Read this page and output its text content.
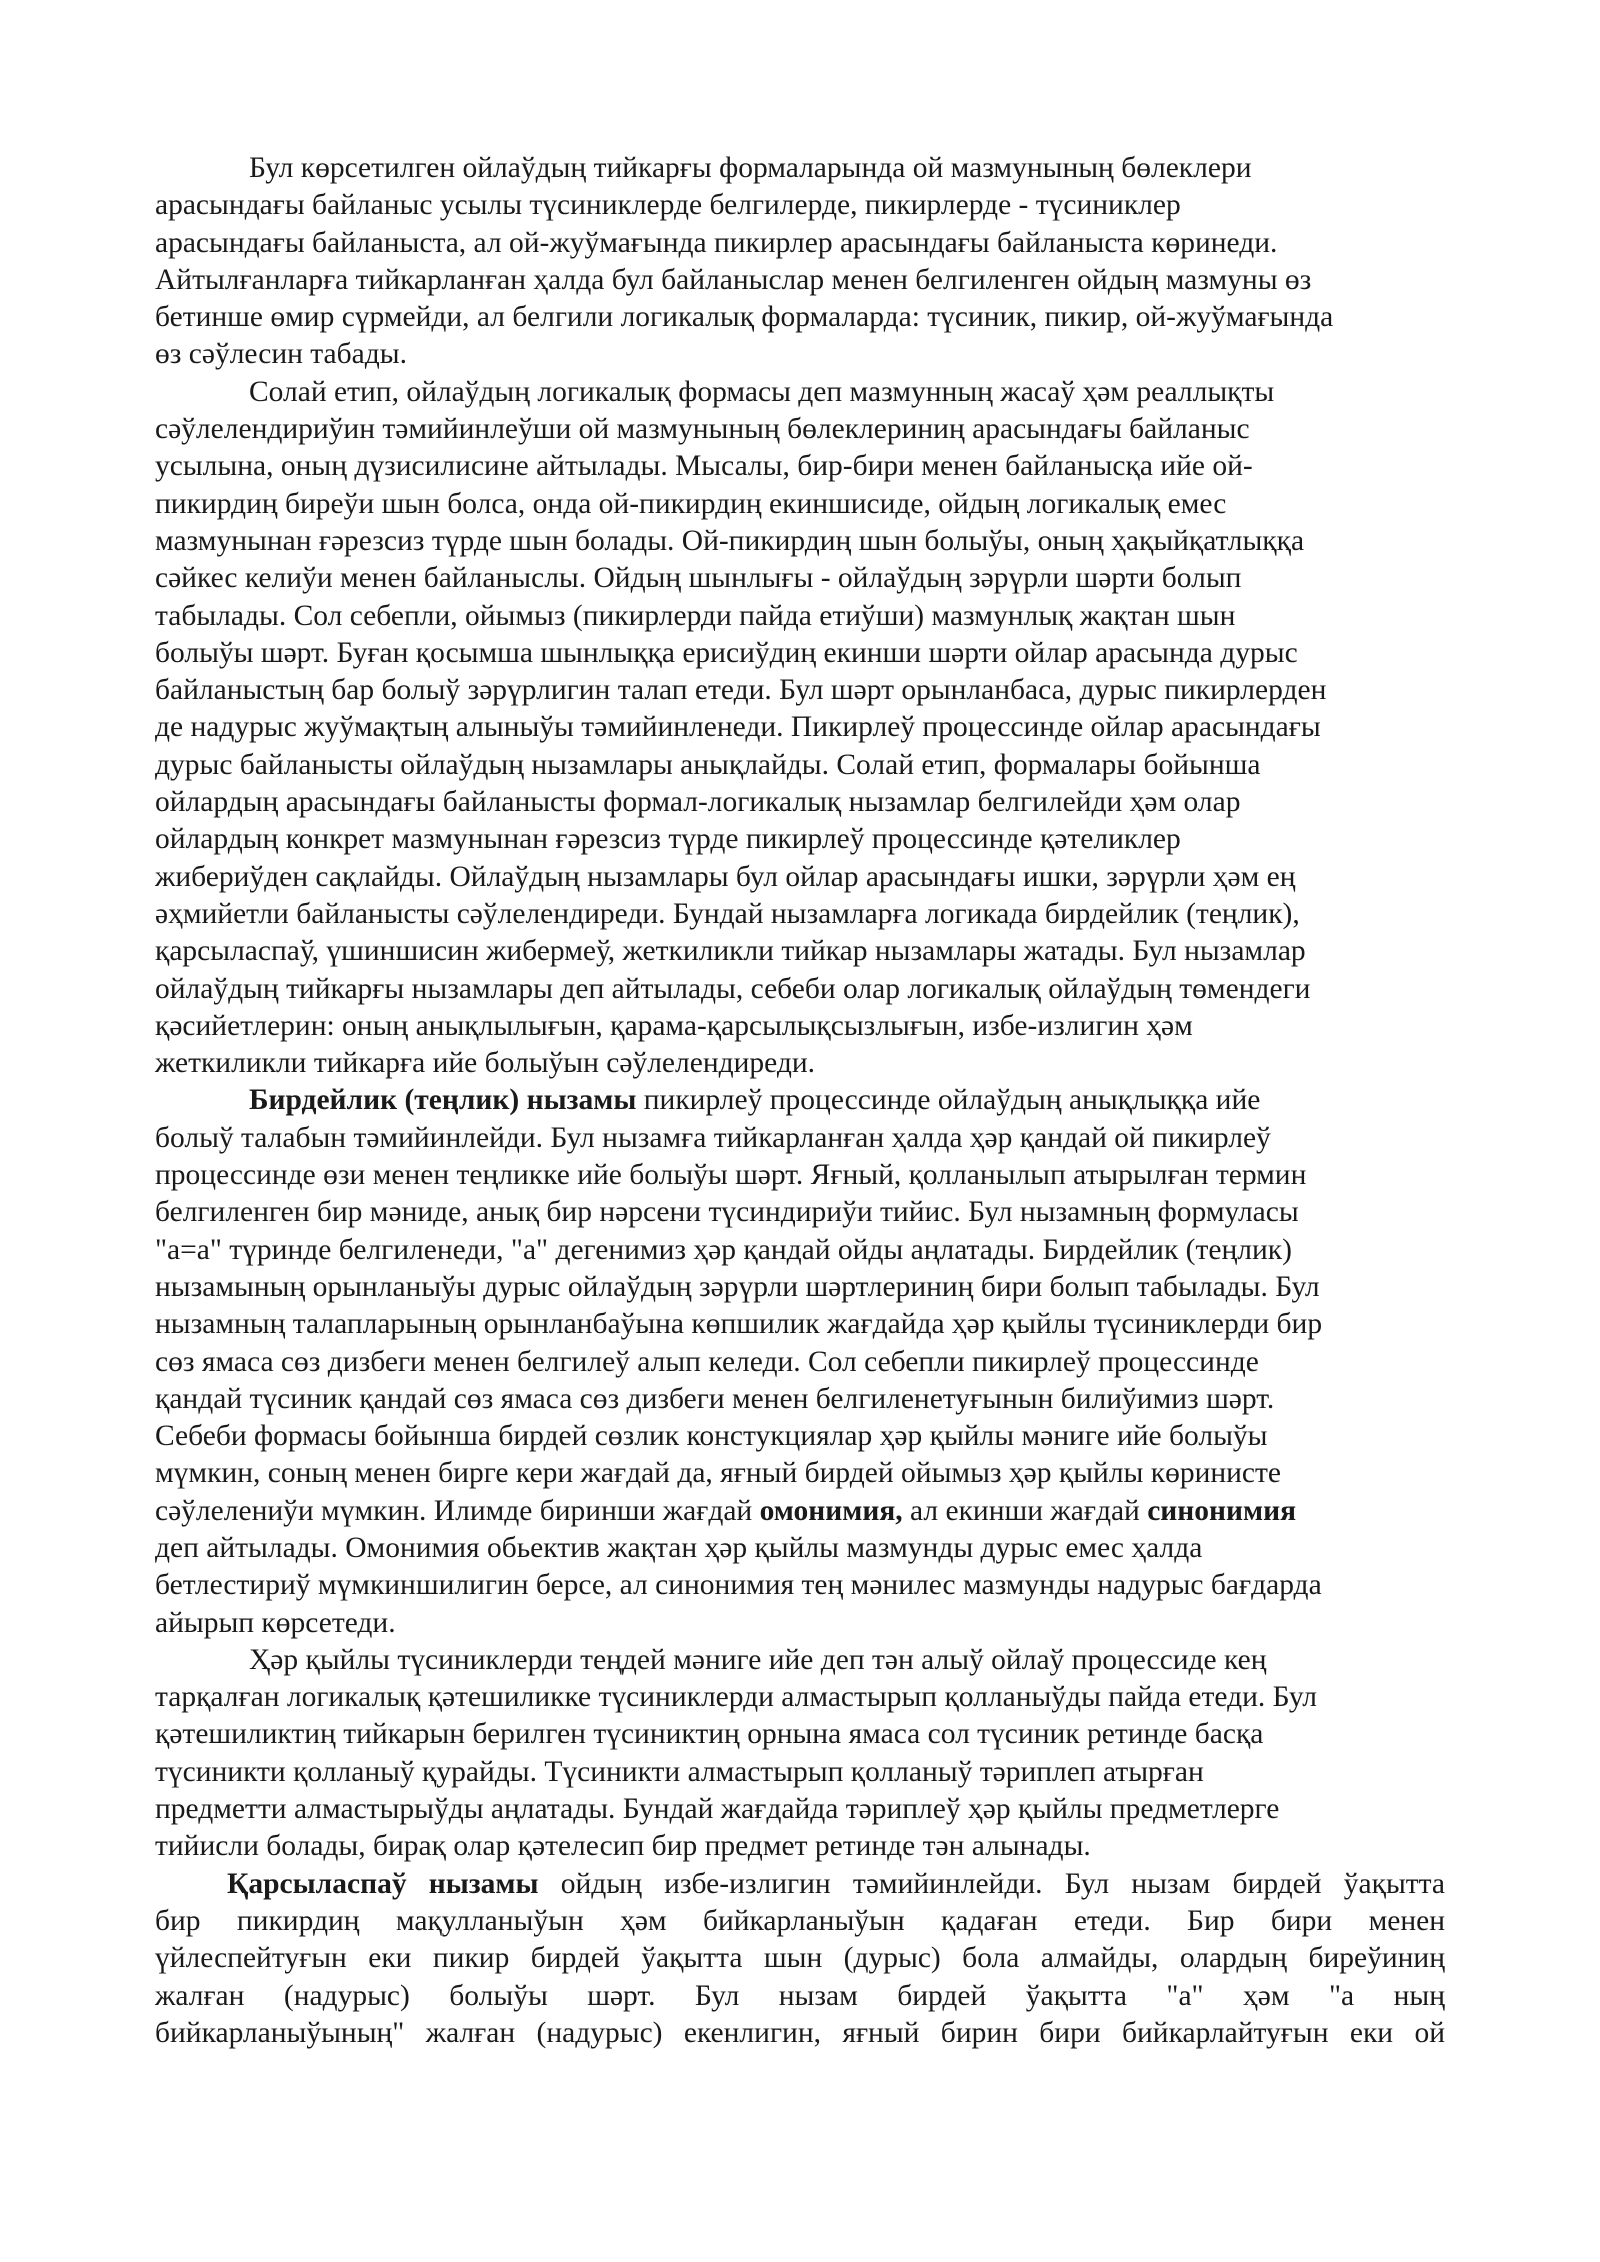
Бул көрсетилген ойлаўдың тийкарғы формаларында ой мазмунының бөлеклери
арасындағы байланыс усылы түсиниклерде белгилерде, пикирлерде - түсиниклер
арасындағы байланыста, ал ой-жуўмағында пикирлер арасындағы байланыста көринеди.
Айтылғанларға тийкарланған ҳалда бул байланыслар менен белгиленген ойдың мазмуны өз
бетинше өмир сүрмейди, ал белгили логикалық формаларда: түсиник, пикир, ой-жуўмағында
өз сәўлесин табады.

Солай етип, ойлаўдың логикалық формасы деп мазмунның жасаў ҳәм реаллықты
сәўлелендириўин тәмийинлеўши ой мазмунының бөлеклериниң арасындағы байланыс
усылына, оның дүзисилисине айтылады. Мысалы, бир-бири менен байланысқа ийе ой-
пикирдиң биреўи шын болса, онда ой-пикирдиң екиншисиде, ойдың логикалық емес
мазмунынан ғәрезсиз түрде шын болады. Ой-пикирдиң шын болыўы, оның ҳақыйқатлыққа
сәйкес келиўи менен байланыслы. Ойдың шынлығы - ойлаўдың зәрүрли шәрти болып
табылады. Сол себепли, ойымыз (пикирлерди пайда етиўши) мазмунлық жақтан шын
болыўы шәрт. Буған қосымша шынлыққа ерисиўдиң екинши шәрти ойлар арасында дурыс
байланыстың бар болыў зәрүрлигин талап етеди. Бул шәрт орынланбаса, дурыс пикирлерден
де надурыс жуўмақтың алыныўы тәмийинленеди. Пикирлеў процессинде ойлар арасындағы
дурыс байланысты ойлаўдың нызамлары анықлайды. Солай етип, формалары бойынша
ойлардың арасындағы байланысты формал-логикалық нызамлар белгилейди ҳәм олар
ойлардың конкрет мазмунынан ғәрезсиз түрде пикирлеў процессинде қәтеликлер
жибериўден сақлайды. Ойлаўдың нызамлары бул ойлар арасындағы ишки, зәрүрли ҳәм ең
әҳмийетли байланысты сәўлелендиреди. Бундай нызамларға логикада бирдейлик (теңлик),
қарсыласпаў, үшиншисин жибермеў, жеткиликли тийкар нызамлары жатады. Бул нызамлар
ойлаўдың тийкарғы нызамлары деп айтылады, себеби олар логикалық ойлаўдың төмендеги
қәсийетлерин: оның анықлылығын, қарама-қарсылықсызлығын, избе-излигин ҳәм
жеткиликли тийкарға ийе болыўын сәўлелендиреди.

Бирдейлик (теңлик) нызамы пикирлеў процессинде ойлаўдың анықлыққа ийе
болыў талабын тәмийинлейди. Бул нызамға тийкарланған ҳалда ҳәр қандай ой пикирлеў
процессинде өзи менен теңликке ийе болыўы шәрт. Яғный, қолланылып атырылған термин
белгиленген бир мәниде, анық бир нәрсени түсиндириўи тийис. Бул нызамның формуласы
"a=a" түринде белгиленеди, "a" дегенимиз ҳәр қандай ойды аңлатады. Бирдейлик (теңлик)
нызамының орынланыўы дурыс ойлаўдың зәрүрли шәртлериниң бири болып табылады. Бул
нызамның талапларының орынланбаўына көпшилик жағдайда ҳәр қыйлы түсиниклерди бир
сөз ямаса сөз дизбеги менен белгилеў алып келеди. Сол себепли пикирлеў процессинде
қандай түсиник қандай сөз ямаса сөз дизбеги менен белгиленетуғынын билиўимиз шәрт.
Себеби формасы бойынша бирдей сөзлик констукциялар ҳәр қыйлы мәниге ийе болыўы
мүмкин, соның менен бирге кери жағдай да, яғный бирдей ойымыз ҳәр қыйлы көринисте
сәўлелениўи мүмкин. Илимде биринши жағдай омонимия, ал екинши жағдай синонимия
деп айтылады. Омонимия обьектив жақтан ҳәр қыйлы мазмунды дурыс емес ҳалда
бетлестириў мүмкиншилигин берсе, ал синонимия тең мәнилес мазмунды надурыс бағдарда
айырып көрсетеди.

Ҳәр қыйлы түсиниклерди теңдей мәниге ийе деп тән алыў ойлаў процессиде кең
тарқалған логикалық қәтешиликке түсиниклерди алмастырып қолланыўды пайда етеди. Бул
қәтешиликтиң тийкарын берилген түсиниктиң орнына ямаса сол түсиник ретинде басқа
түсиникти қолланыў қурайды. Түсиникти алмастырып қолланыў тәриплеп атырған
предметти алмастырыўды аңлатады. Бундай жағдайда тәриплеў ҳәр қыйлы предметлерге
тийисли болады, бирақ олар қәтелесип бир предмет ретинде тән алынады.

Қарсыласпаў нызамы ойдың избе-излигин тәмийинлейди. Бул нызам бирдей ўақытта
бир пикирдиң мақулланыўын ҳәм бийкарланыўын қадаған етеди. Бир бири менен
үйлеспейтуғын еки пикир бирдей ўақытта шын (дурыс) бола алмайды, олардың биреўиниң
жалған (надурыс) болыўы шәрт. Бул нызам бирдей ўақытта "a" ҳәм "a ның
бийкарланыўының" жалған (надурыс) екенлигин, яғный бирин бири бийкарлайтуғын еки ой
